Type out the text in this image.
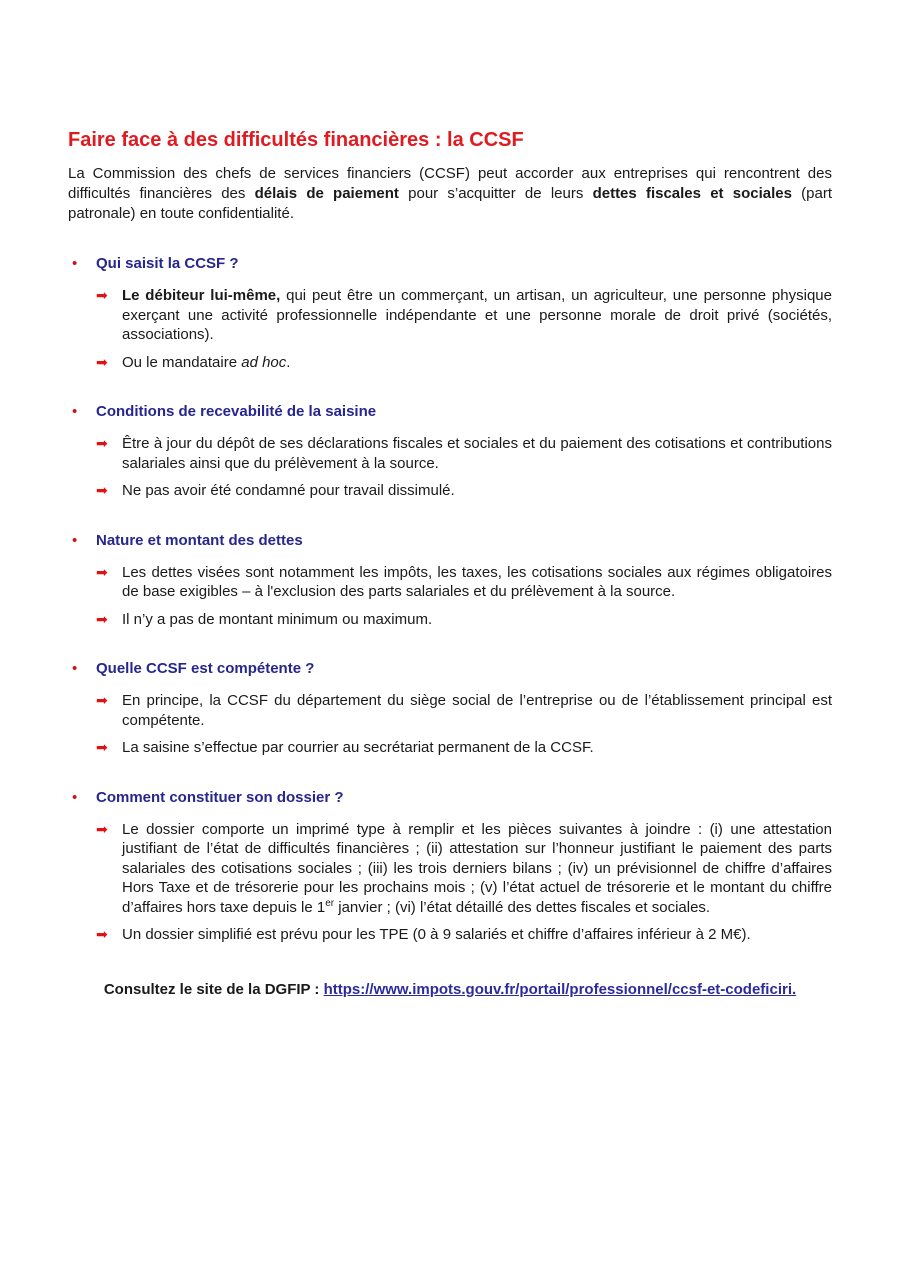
Faire face à des difficultés financières : la CCSF

La Commission des chefs de services financiers (CCSF) peut accorder aux entreprises qui rencontrent des difficultés financières des délais de paiement pour s’acquitter de leurs dettes fiscales et sociales (part patronale) en toute confidentialité.

•	Qui saisit la CCSF ?
➡ Le débiteur lui-même, qui peut être un commerçant, un artisan, un agriculteur, une personne physique exerçant une activité professionnelle indépendante et une personne morale de droit privé (sociétés, associations).
➡ Ou le mandataire ad hoc.
•	Conditions de recevabilité de la saisine
➡ Être à jour du dépôt de ses déclarations fiscales et sociales et du paiement des cotisations et contributions salariales ainsi que du prélèvement à la source.
➡ Ne pas avoir été condamné pour travail dissimulé.
•	Nature et montant des dettes
➡ Les dettes visées sont notamment les impôts, les taxes, les cotisations sociales aux régimes obligatoires de base exigibles – à l'exclusion des parts salariales et du prélèvement à la source.
➡ Il n’y a pas de montant minimum ou maximum.
•	Quelle CCSF est compétente ?
➡ En principe, la CCSF du département du siège social de l’entreprise ou de l’établissement principal est compétente.
➡ La saisine s’effectue par courrier au secrétariat permanent de la CCSF.
•	Comment constituer son dossier ?
➡ Le dossier comporte un imprimé type à remplir et les pièces suivantes à joindre : (i) une attestation justifiant de l’état de difficultés financières ; (ii) attestation sur l’honneur justifiant le paiement des parts salariales des cotisations sociales ; (iii) les trois derniers bilans ; (iv) un prévisionnel de chiffre d’affaires Hors Taxe et de trésorerie pour les prochains mois ; (v) l’état actuel de trésorerie et le montant du chiffre d’affaires hors taxe depuis le 1er janvier ; (vi) l’état détaillé des dettes fiscales et sociales.
➡ Un dossier simplifié est prévu pour les TPE (0 à 9 salariés et chiffre d’affaires inférieur à 2 M€).

Consultez le site de la DGFIP : https://www.impots.gouv.fr/portail/professionnel/ccsf-et-codeficiri.
